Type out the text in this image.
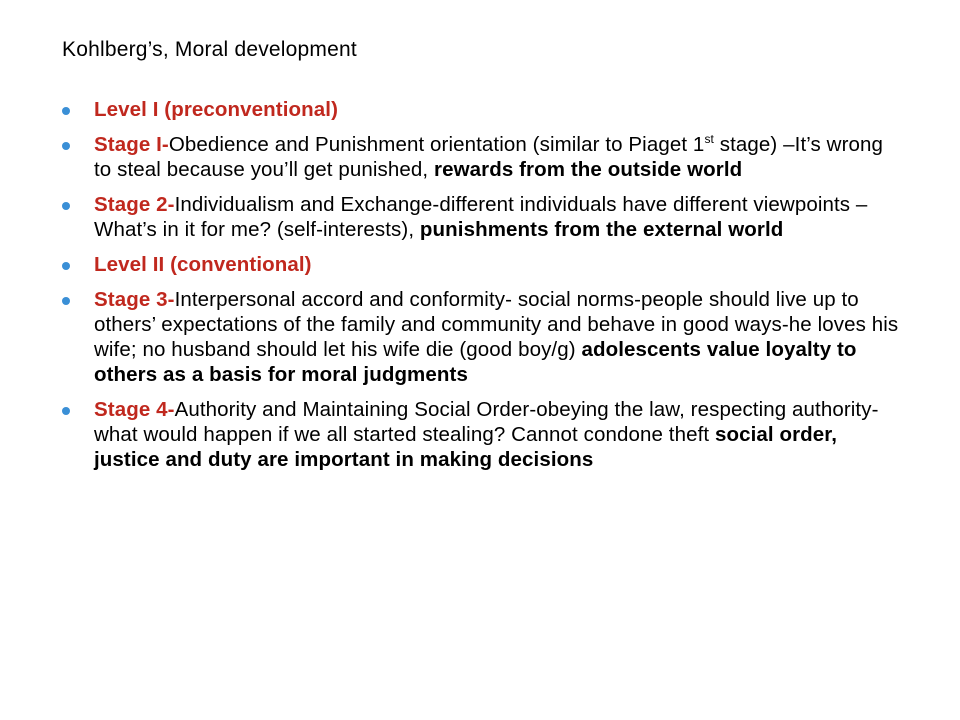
Kohlberg’s, Moral development
Level I (preconventional)
Stage I-Obedience and Punishment orientation (similar to Piaget 1st stage) –It’s wrong to steal because you’ll get punished, rewards from the outside world
Stage 2-Individualism and Exchange-different individuals have different viewpoints –What’s in it for me? (self-interests), punishments from the external world
Level II (conventional)
Stage 3-Interpersonal accord and conformity- social norms-people should live up to others’ expectations of the family and community and behave in good ways-he loves his wife; no husband should let his wife die (good boy/g) adolescents value loyalty to others as a basis for moral judgments
Stage 4-Authority and Maintaining Social Order-obeying the law, respecting authority-what would happen if we all started stealing? Cannot condone theft social order, justice and duty are important in making decisions
